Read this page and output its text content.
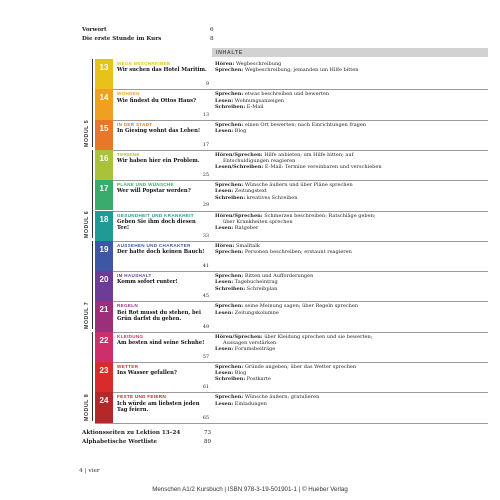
Vorwort	6
Die erste Stunde im Kurs	8
INHALTE
MODUL 5
MODUL 6
MODUL 7
MODUL 8
13	WEGE BESCHREIBEN
Wir suchen das Hotel Maritim.
9
Hören: Wegbeschreibung
Sprechen: Wegbeschreibung; jemanden um Hilfe bitten
14	WOHNEN
Wie findest du Ottos Haus?
13
Sprechen: etwas beschreiben und bewerten
Lesen: Wohnungsanzeigen
Schreiben: E-Mail
15	IN DER STADT
In Giesing wohnt das Leben!
17
Sprechen: einen Ort bewerten; nach Einrichtungen fragen
Lesen: Blog
16	TERMINE
Wir haben hier ein Problem.
25
Hören/Sprechen: Hilfe anbieten; um Hilfe bitten; auf
Entschuldigungen reagieren
Lesen/Schreiben: E-Mail: Termine vereinbaren und verschieben
17	PLÄNE UND WÜNSCHE
Wer will Popstar werden?
29
Sprechen: Wünsche äußern und über Pläne sprechen
Lesen: Zeitungstext
Schreiben: kreatives Schreiben
18	GESUNDHEIT UND KRANKHEIT
Geben Sie ihm doch diesen Tee!
33
Hören/Sprechen: Schmerzen beschreiben; Ratschläge geben;
über Krankheiten sprechen
Lesen: Ratgeber
19	AUSSEHEN UND CHARAKTER
Der hatte doch keinen Bauch!
41
Hören: Smalltalk
Sprechen: Personen beschreiben; erstaunt reagieren
20	IM HAUSHALT
Komm sofort runter!
45
Sprechen: Bitten und Aufforderungen
Lesen: Tagebucheintrag
Schreiben: Schreibplan
21	REGELN
Bei Rot musst du stehen, bei Grün darfst du gehen.
49
Sprechen: seine Meinung sagen; über Regeln sprechen
Lesen: Zeitungskolumne
22	KLEIDUNG
Am besten sind seine Schuhe!
57
Hören/Sprechen: über Kleidung sprechen und sie bewerten;
Aussagen verstärken
Lesen: Forumsbeiträge
23	WETTER
Ins Wasser gefallen?
61
Sprechen: Gründe angeben; über das Wetter sprechen
Lesen: Blog
Schreiben: Postkarte
24	FESTE UND FEIERN
Ich würde am liebsten jeden Tag feiern.
65
Sprechen: Wünsche äußern; gratulieren
Lesen: Einladungen
Aktionsseiten zu Lektion 13–24	73
Alphabetische Wortliste	89
4 | vier
Menschen A1/2 Kursbuch | ISBN 978-3-19-501901-1 | © Hueber Verlag
